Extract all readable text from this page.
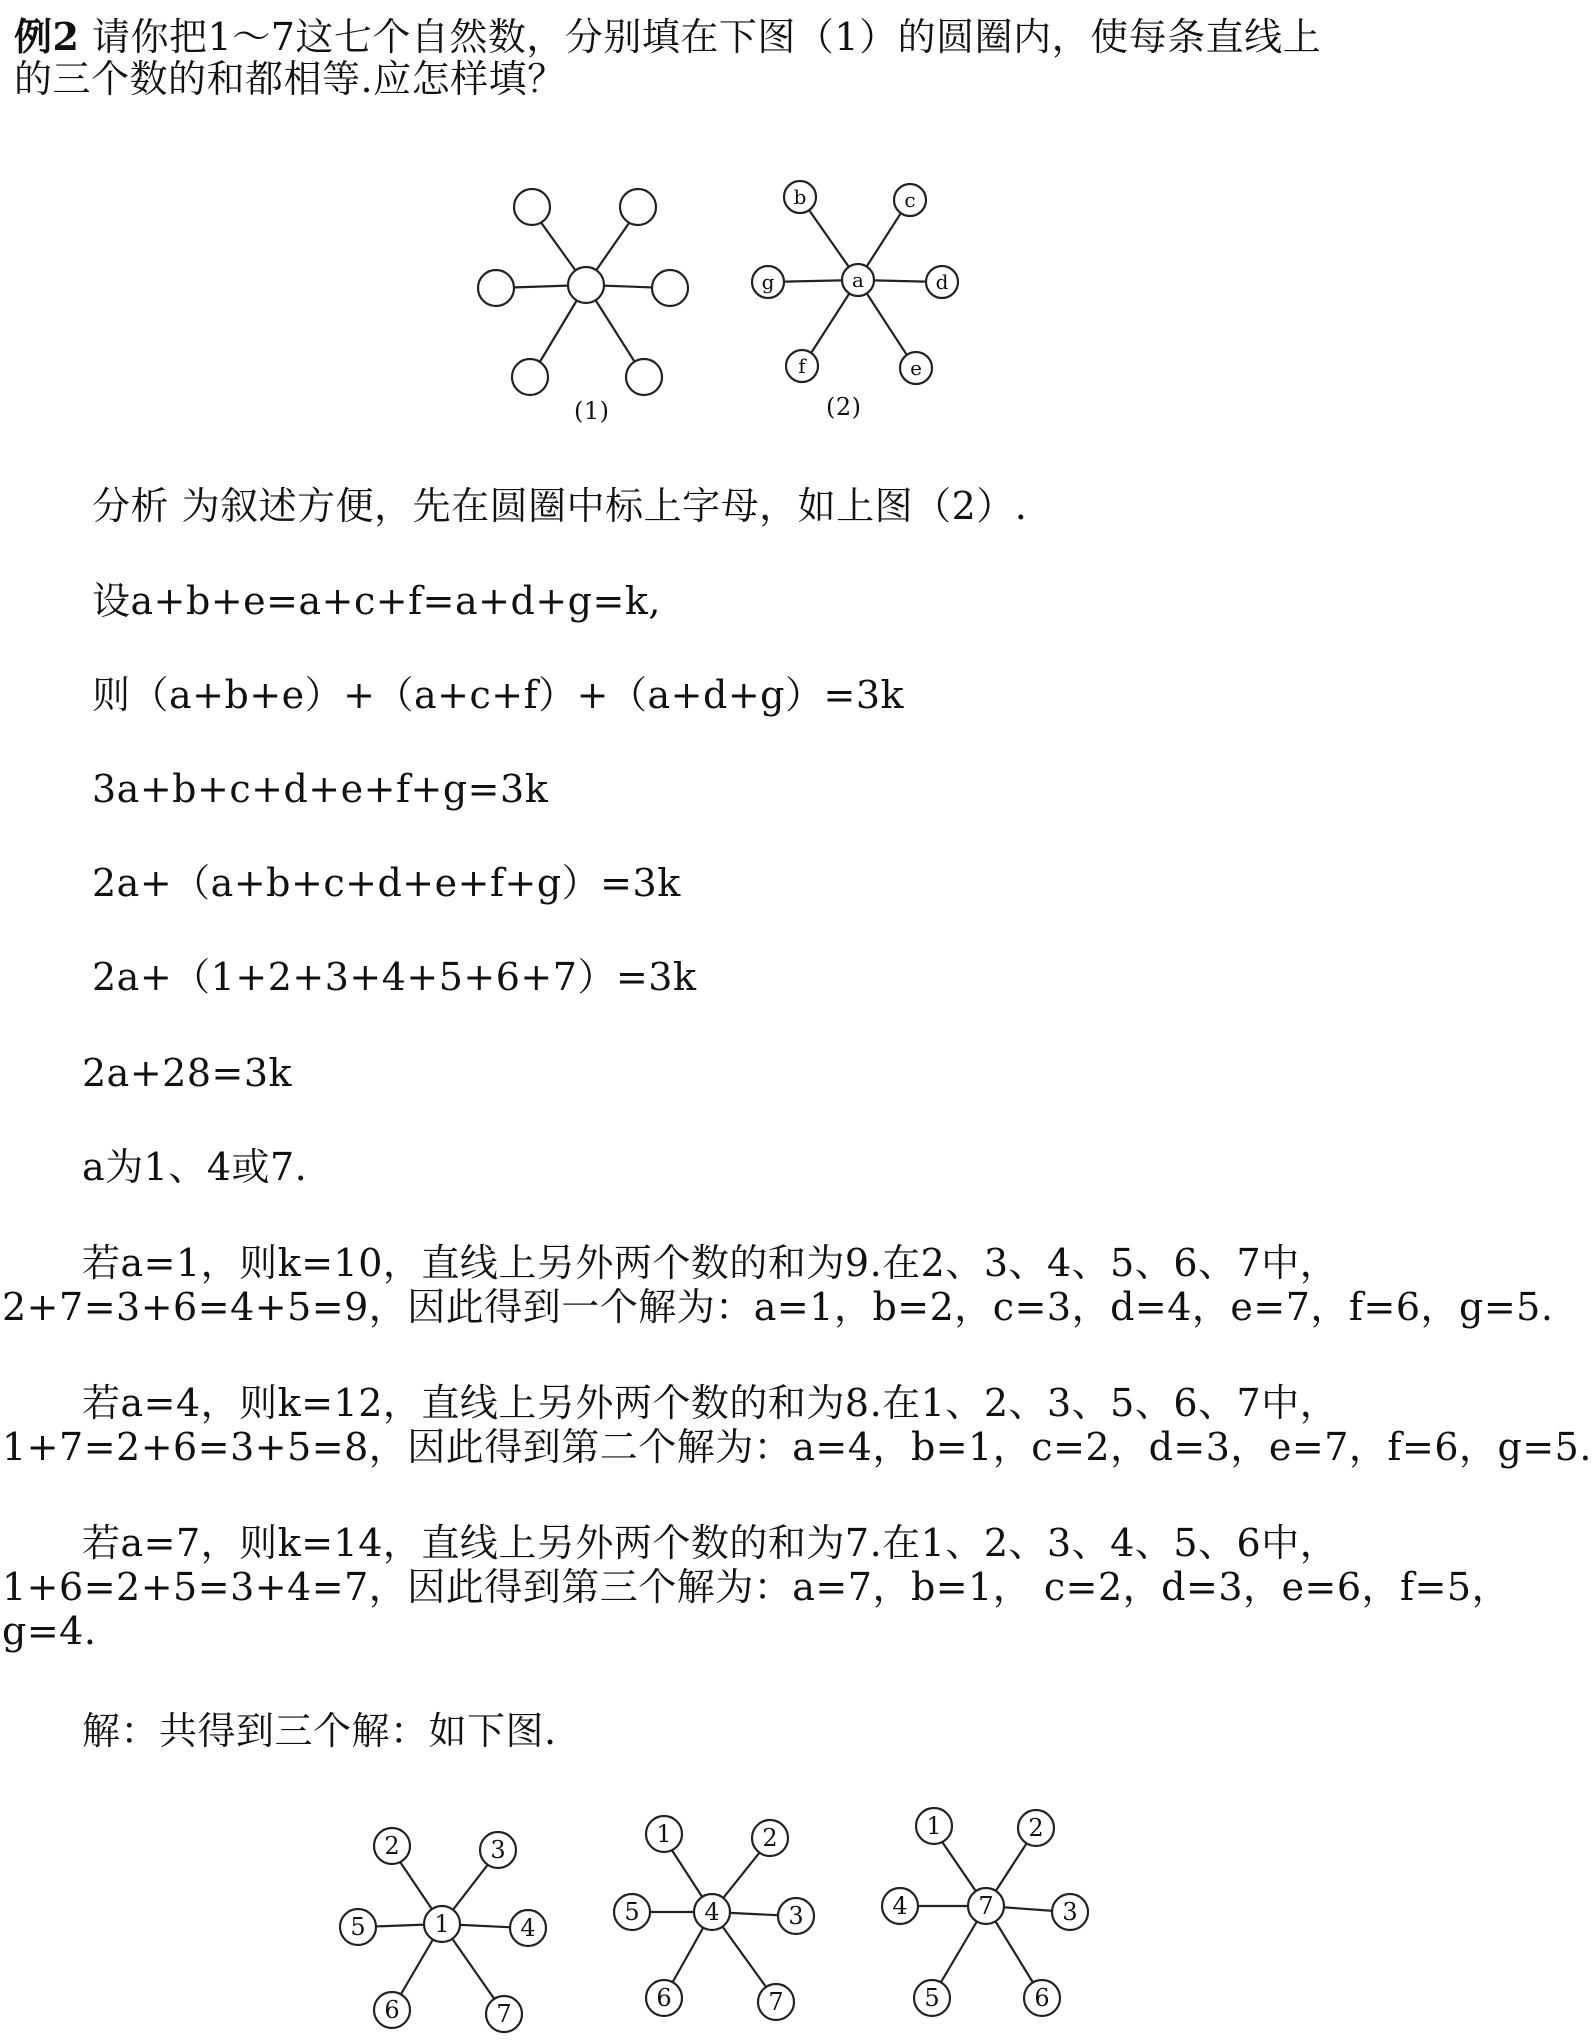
例2 请你把1～7这七个自然数，分别填在下图（1）的圆圈内，使每条直线上
的三个数的和都相等.应怎样填？
(1)
b	c
g	d
a
f	e
(2)
分析 为叙述方便，先在圆圈中标上字母，如上图（2）.
设a+b+e=a+c+f=a+d+g=k,
则（a+b+e）+（a+c+f）+（a+d+g）=3k
3a+b+c+d+e+f+g=3k
2a+（a+b+c+d+e+f+g）=3k
2a+（1+2+3+4+5+6+7）=3k
2a+28=3k
a为1、4或7.
若a=1，则k=10，直线上另外两个数的和为9.在2、3、4、5、6、7中，
2+7=3+6=4+5=9，因此得到一个解为：a=1，b=2，c=3，d=4，e=7，f=6，g=5.
若a=4，则k=12，直线上另外两个数的和为8.在1、2、3、5、6、7中，
1+7=2+6=3+5=8，因此得到第二个解为：a=4，b=1，c=2，d=3，e=7，f=6，g=5.
若a=7，则k=14，直线上另外两个数的和为7.在1、2、3、4、5、6中，
1+6=2+5=3+4=7，因此得到第三个解为：a=7，b=1， c=2，d=3，e=6，f=5，
g=4.
解：共得到三个解：如下图.
2	3
5	4
1
6	7
1	2
5	3
4
6	7
1	2
4	3
7
5	6
